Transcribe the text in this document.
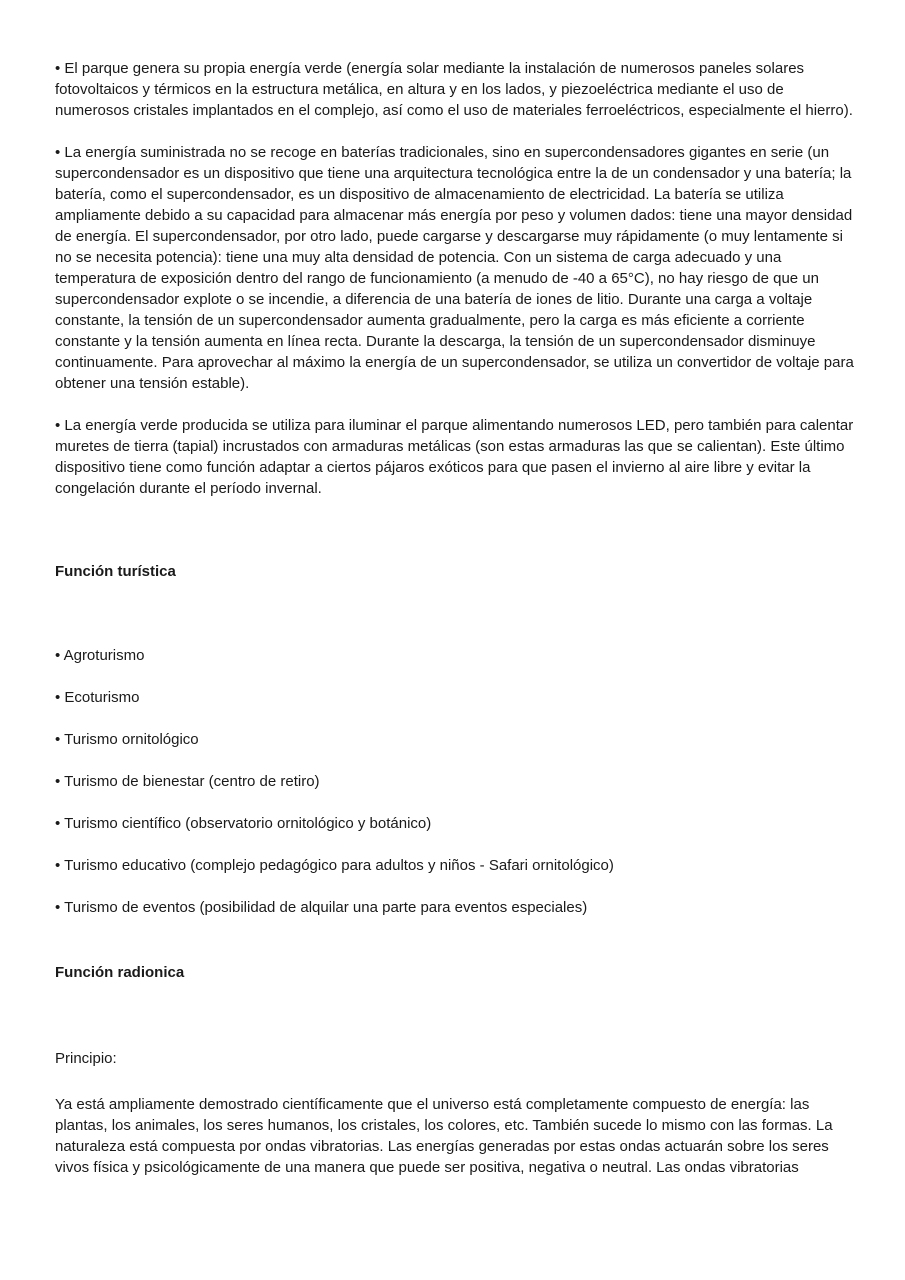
• El parque genera su propia energía verde (energía solar mediante la instalación de numerosos paneles solares fotovoltaicos y térmicos en la estructura metálica, en altura y en los lados, y piezoeléctrica mediante el uso de numerosos cristales implantados en el complejo, así como el uso de materiales ferroeléctricos, especialmente el hierro).

• La energía suministrada no se recoge en baterías tradicionales, sino en supercondensadores gigantes en serie (un supercondensador es un dispositivo que tiene una arquitectura tecnológica entre la de un condensador y una batería; la batería, como el supercondensador, es un dispositivo de almacenamiento de electricidad. La batería se utiliza ampliamente debido a su capacidad para almacenar más energía por peso y volumen dados: tiene una mayor densidad de energía. El supercondensador, por otro lado, puede cargarse y descargarse muy rápidamente (o muy lentamente si no se necesita potencia): tiene una muy alta densidad de potencia. Con un sistema de carga adecuado y una temperatura de exposición dentro del rango de funcionamiento (a menudo de -40 a 65°C), no hay riesgo de que un supercondensador explote o se incendie, a diferencia de una batería de iones de litio. Durante una carga a voltaje constante, la tensión de un supercondensador aumenta gradualmente, pero la carga es más eficiente a corriente constante y la tensión aumenta en línea recta. Durante la descarga, la tensión de un supercondensador disminuye continuamente. Para aprovechar al máximo la energía de un supercondensador, se utiliza un convertidor de voltaje para obtener una tensión estable).

• La energía verde producida se utiliza para iluminar el parque alimentando numerosos LED, pero también para calentar muretes de tierra (tapial) incrustados con armaduras metálicas (son estas armaduras las que se calientan). Este último dispositivo tiene como función adaptar a ciertos pájaros exóticos para que pasen el invierno al aire libre y evitar la congelación durante el período invernal.

Función turística
• Agroturismo
• Ecoturismo
• Turismo ornitológico
• Turismo de bienestar (centro de retiro)
• Turismo científico (observatorio ornitológico y botánico)
• Turismo educativo (complejo pedagógico para adultos y niños - Safari ornitológico)
• Turismo de eventos (posibilidad de alquilar una parte para eventos especiales)
Función radionica

Principio:

Ya está ampliamente demostrado científicamente que el universo está completamente compuesto de energía: las plantas, los animales, los seres humanos, los cristales, los colores, etc. También sucede lo mismo con las formas. La naturaleza está compuesta por ondas vibratorias. Las energías generadas por estas ondas actuarán sobre los seres vivos física y psicológicamente de una manera que puede ser positiva, negativa o neutral. Las ondas vibratorias
